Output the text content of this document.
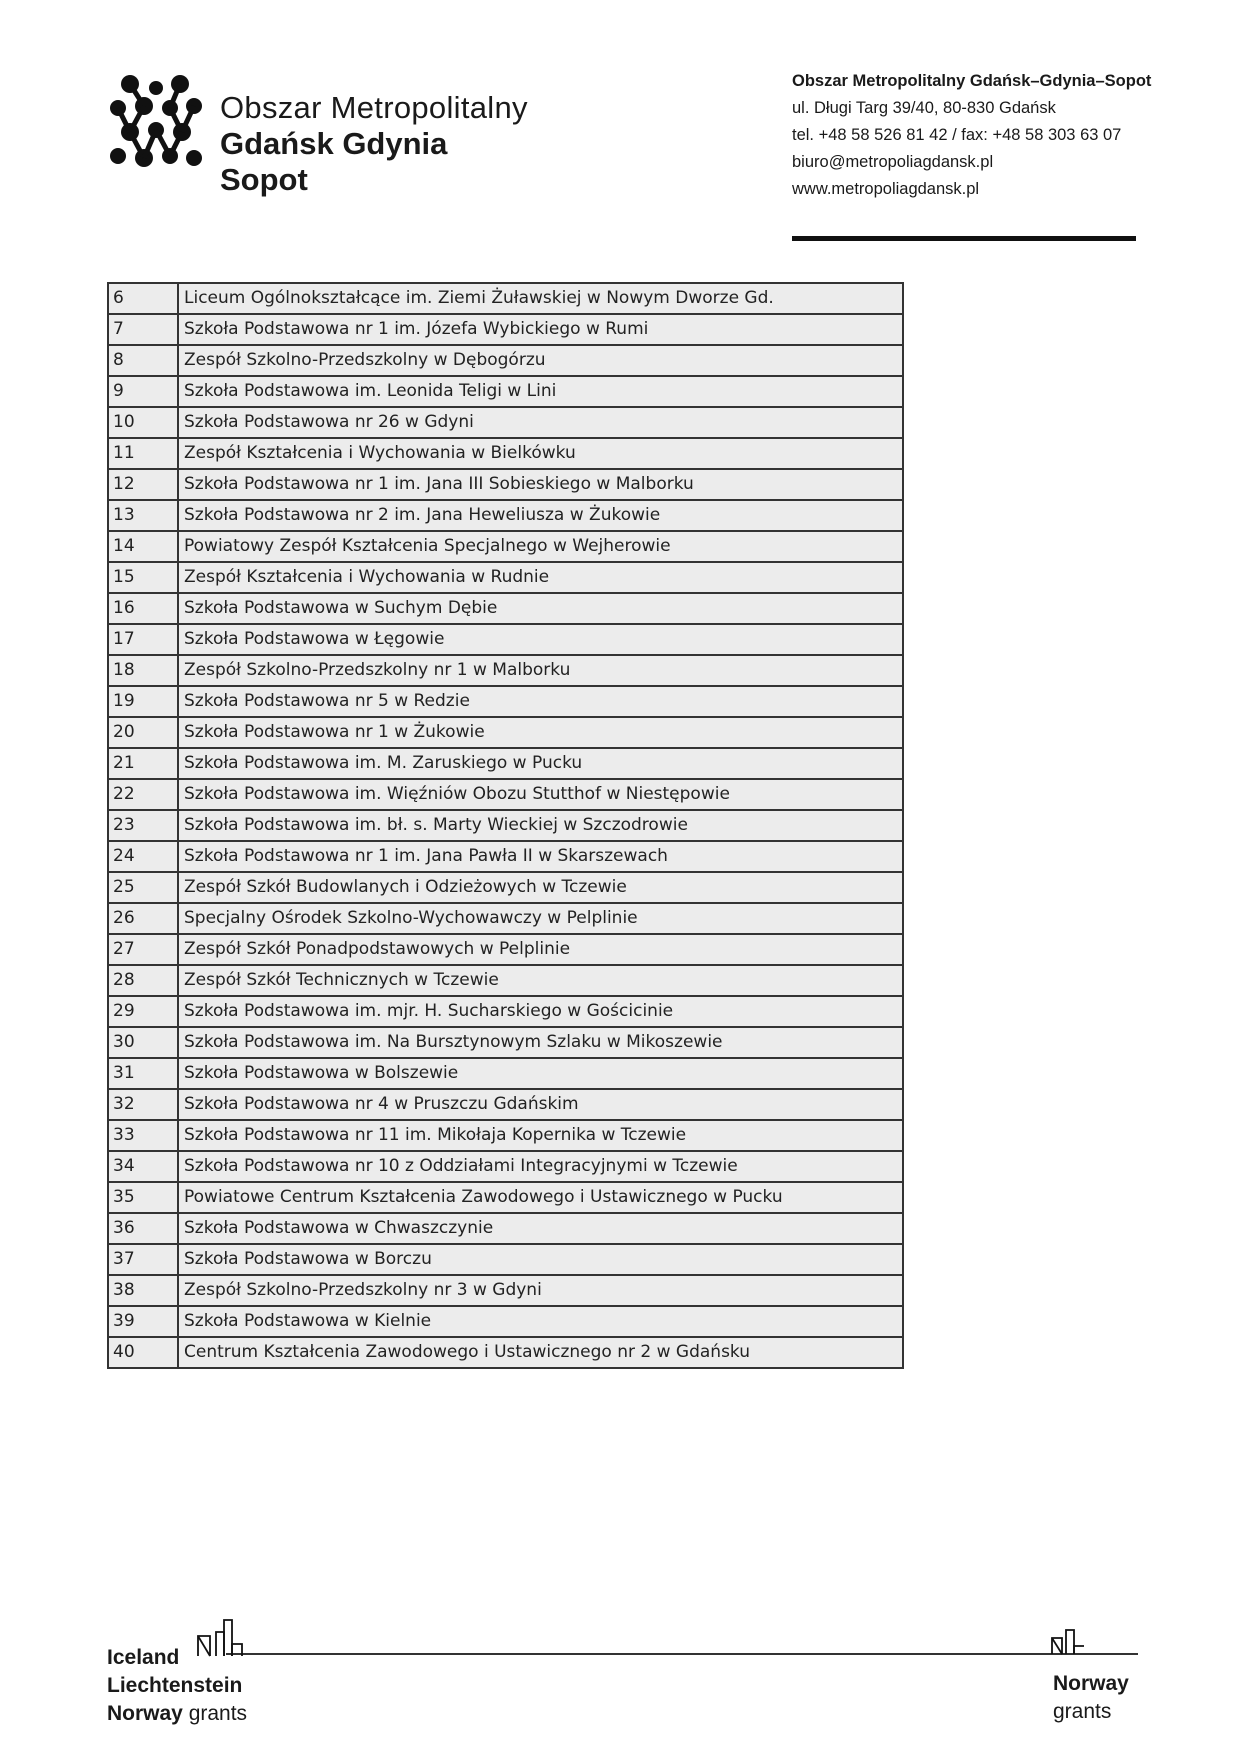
Obszar Metropolitalny
Gdańsk Gdynia Sopot
Obszar Metropolitalny Gdańsk–Gdynia–Sopot
ul. Długi Targ 39/40, 80-830 Gdańsk
tel. +48 58 526 81 42 / fax: +48 58 303 63 07
biuro@metropoliagdansk.pl
www.metropoliagdansk.pl
6	Liceum Ogólnokształcące im. Ziemi Żuławskiej w Nowym Dworze Gd.
7	Szkoła Podstawowa nr 1 im. Józefa Wybickiego w Rumi
8	Zespół Szkolno-Przedszkolny w Dębogórzu
9	Szkoła Podstawowa im. Leonida Teligi w Lini
10	Szkoła Podstawowa nr 26 w Gdyni
11	Zespół Kształcenia i Wychowania w Bielkówku
12	Szkoła Podstawowa nr 1 im. Jana III Sobieskiego w Malborku
13	Szkoła Podstawowa nr 2 im. Jana Heweliusza w Żukowie
14	Powiatowy Zespół Kształcenia Specjalnego w Wejherowie
15	Zespół Kształcenia i Wychowania w Rudnie
16	Szkoła Podstawowa w Suchym Dębie
17	Szkoła Podstawowa w Łęgowie
18	Zespół Szkolno-Przedszkolny nr 1 w Malborku
19	Szkoła Podstawowa nr 5 w Redzie
20	Szkoła Podstawowa nr 1 w Żukowie
21	Szkoła Podstawowa im. M. Zaruskiego w Pucku
22	Szkoła Podstawowa im. Więźniów Obozu Stutthof w Niestępowie
23	Szkoła Podstawowa im. bł. s. Marty Wieckiej w Szczodrowie
24	Szkoła Podstawowa nr 1 im. Jana Pawła II w Skarszewach
25	Zespół Szkół Budowlanych i Odzieżowych w Tczewie
26	Specjalny Ośrodek Szkolno-Wychowawczy w Pelplinie
27	Zespół Szkół Ponadpodstawowych w Pelplinie
28	Zespół Szkół Technicznych w Tczewie
29	Szkoła Podstawowa im. mjr. H. Sucharskiego w Gościcinie
30	Szkoła Podstawowa im. Na Bursztynowym Szlaku w Mikoszewie
31	Szkoła Podstawowa w Bolszewie
32	Szkoła Podstawowa nr 4 w Pruszczu Gdańskim
33	Szkoła Podstawowa nr 11 im. Mikołaja Kopernika w Tczewie
34	Szkoła Podstawowa nr 10 z Oddziałami Integracyjnymi w Tczewie
35	Powiatowe Centrum Kształcenia Zawodowego i Ustawicznego w Pucku
36	Szkoła Podstawowa w Chwaszczynie
37	Szkoła Podstawowa w Borczu
38	Zespół Szkolno-Przedszkolny nr 3 w Gdyni
39	Szkoła Podstawowa w Kielnie
40	Centrum Kształcenia Zawodowego i Ustawicznego nr 2 w Gdańsku
Iceland
Liechtenstein
Norway grants
Norway
grants
